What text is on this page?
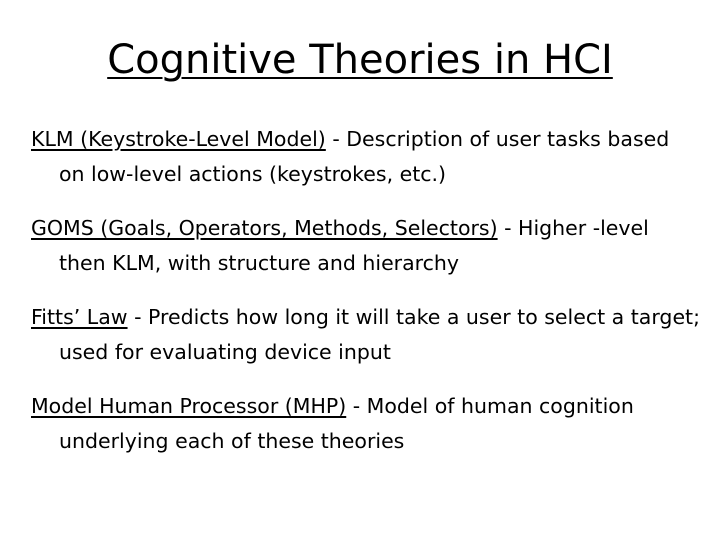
Cognitive Theories in HCI

KLM (Keystroke-Level Model) - Description of user tasks based on low-level actions (keystrokes, etc.)

GOMS (Goals, Operators, Methods, Selectors) - Higher -level then KLM, with structure and hierarchy

Fitts’ Law - Predicts how long it will take a user to select a target; used for evaluating device input

Model Human Processor (MHP) - Model of human cognition underlying each of these theories
